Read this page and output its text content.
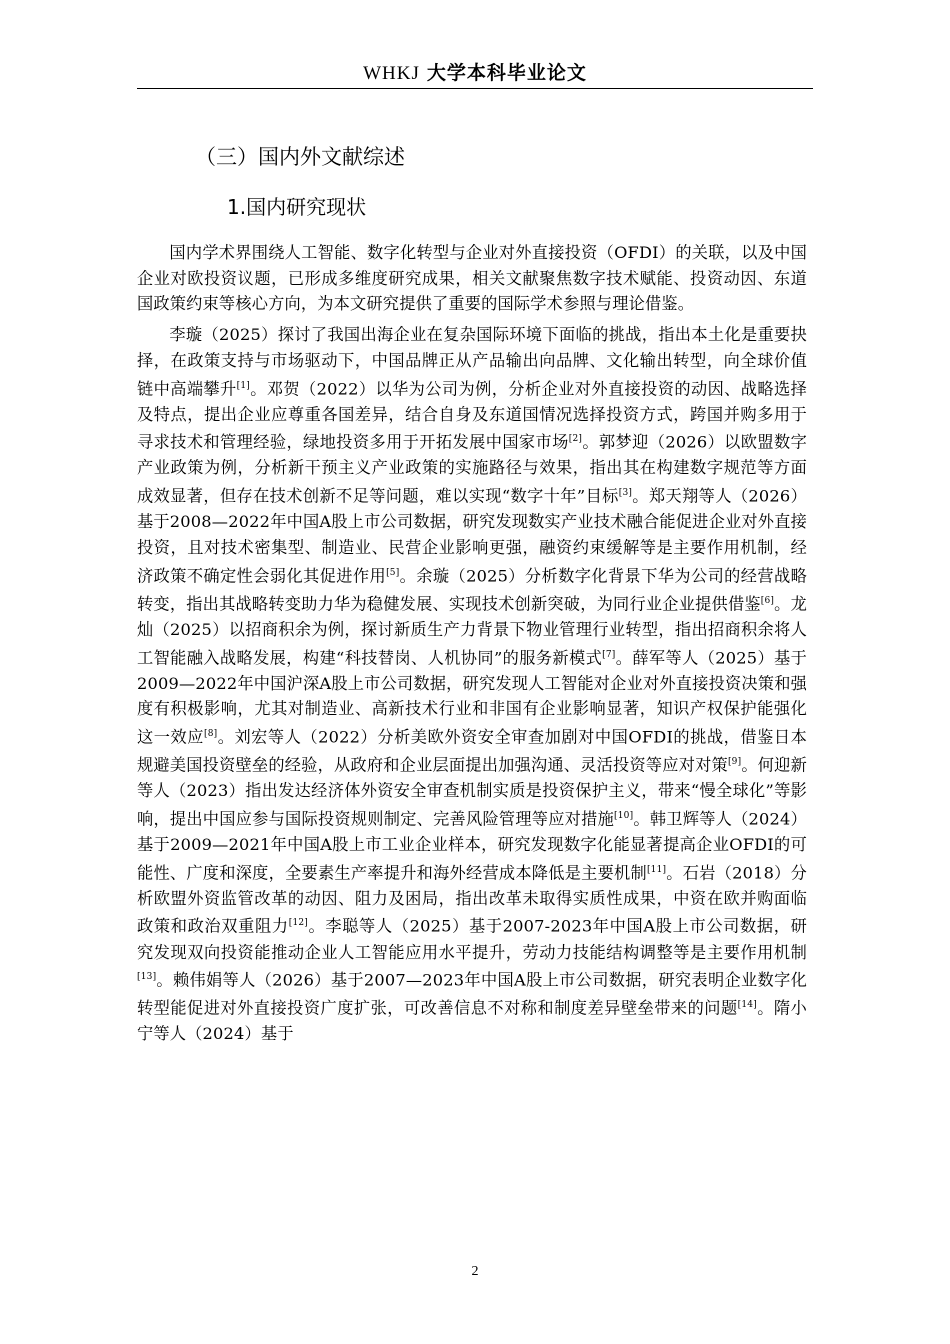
WHKJ 大学本科毕业论文
（三）国内外文献综述
1.国内研究现状

国内学术界围绕人工智能、数字化转型与企业对外直接投资（OFDI）的关联，以及中国企业对欧投资议题，已形成多维度研究成果，相关文献聚焦数字技术赋能、投资动因、东道国政策约束等核心方向，为本文研究提供了重要的国际学术参照与理论借鉴。

李璇（2025）探讨了我国出海企业在复杂国际环境下面临的挑战，指出本土化是重要抉择，在政策支持与市场驱动下，中国品牌正从产品输出向品牌、文化输出转型，向全球价值链中高端攀升[1]。邓贺（2022）以华为公司为例，分析企业对外直接投资的动因、战略选择及特点，提出企业应尊重各国差异，结合自身及东道国情况选择投资方式，跨国并购多用于寻求技术和管理经验，绿地投资多用于开拓发展中国家市场[2]。郭梦迎（2026）以欧盟数字产业政策为例，分析新干预主义产业政策的实施路径与效果，指出其在构建数字规范等方面成效显著，但存在技术创新不足等问题，难以实现“数字十年”目标[3]。郑天翔等人（2026）基于2008—2022年中国A股上市公司数据，研究发现数实产业技术融合能促进企业对外直接投资，且对技术密集型、制造业、民营企业影响更强，融资约束缓解等是主要作用机制，经济政策不确定性会弱化其促进作用[5]。余璇（2025）分析数字化背景下华为公司的经营战略转变，指出其战略转变助力华为稳健发展、实现技术创新突破，为同行业企业提供借鉴[6]。龙灿（2025）以招商积余为例，探讨新质生产力背景下物业管理行业转型，指出招商积余将人工智能融入战略发展，构建“科技替岗、人机协同”的服务新模式[7]。薛军等人（2025）基于2009—2022年中国沪深A股上市公司数据，研究发现人工智能对企业对外直接投资决策和强度有积极影响，尤其对制造业、高新技术行业和非国有企业影响显著，知识产权保护能强化这一效应[8]。刘宏等人（2022）分析美欧外资安全审查加剧对中国OFDI的挑战，借鉴日本规避美国投资壁垒的经验，从政府和企业层面提出加强沟通、灵活投资等应对对策[9]。何迎新等人（2023）指出发达经济体外资安全审查机制实质是投资保护主义，带来“慢全球化”等影响，提出中国应参与国际投资规则制定、完善风险管理等应对措施[10]。韩卫辉等人（2024）基于2009—2021年中国A股上市工业企业样本，研究发现数字化能显著提高企业OFDI的可能性、广度和深度，全要素生产率提升和海外经营成本降低是主要机制[11]。石岩（2018）分析欧盟外资监管改革的动因、阻力及困局，指出改革未取得实质性成果，中资在欧并购面临政策和政治双重阻力[12]。李聪等人（2025）基于2007-2023年中国A股上市公司数据，研究发现双向投资能推动企业人工智能应用水平提升，劳动力技能结构调整等是主要作用机制[13]。赖伟娟等人（2026）基于2007—2023年中国A股上市公司数据，研究表明企业数字化转型能促进对外直接投资广度扩张，可改善信息不对称和制度差异壁垒带来的问题[14]。隋小宁等人（2024）基于

2
